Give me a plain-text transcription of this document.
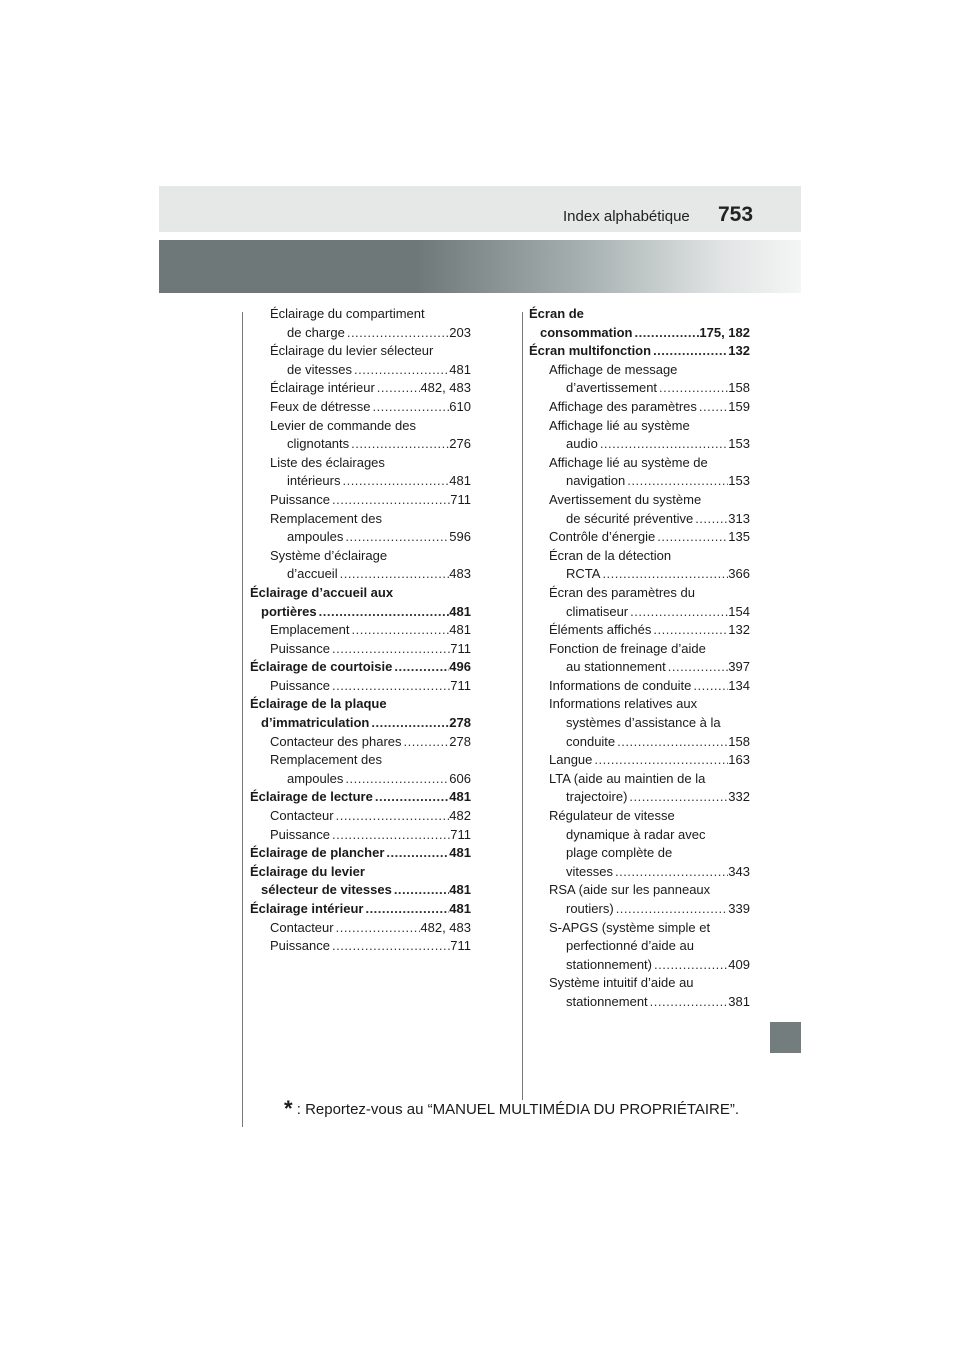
Index alphabétique 753
Éclairage du compartiment
de charge .....	203
Éclairage du levier sélecteur
de vitesses .....	481
Éclairage intérieur .....	482, 483
Feux de détresse .....	610
Levier de commande des
clignotants .....	276
Liste des éclairages
intérieurs .....	481
Puissance .....	711
Remplacement des
ampoules .....	596
Système d’éclairage
d’accueil .....	483
Éclairage d’accueil aux
portières .....	481
Emplacement .....	481
Puissance .....	711
Éclairage de courtoisie .....	496
Puissance .....	711
Éclairage de la plaque
d’immatriculation .....	278
Contacteur des phares .....	278
Remplacement des
ampoules .....	606
Éclairage de lecture .....	481
Contacteur .....	482
Puissance .....	711
Éclairage de plancher .....	481
Éclairage du levier
sélecteur de vitesses .....	481
Éclairage intérieur .....	481
Contacteur .....	482, 483
Puissance .....	711
Écran de
consommation .....	175, 182
Écran multifonction .....	132
Affichage de message
d’avertissement .....	158
Affichage des paramètres ..... 159
Affichage lié au système
audio .....	153
Affichage lié au système de
navigation .....	153
Avertissement du système
de sécurité préventive .....	313
Contrôle d’énergie .....	135
Écran de la détection
RCTA .....	366
Écran des paramètres du
climatiseur .....	154
Éléments affichés .....	132
Fonction de freinage d’aide
au stationnement .....	397
Informations de conduite .....	134
Informations relatives aux
systèmes d’assistance à la
conduite .....	158
Langue .....	163
LTA (aide au maintien de la
trajectoire) .....	332
Régulateur de vitesse
dynamique à radar avec
plage complète de
vitesses .....	343
RSA (aide sur les panneaux
routiers) .....	339
S-APGS (système simple et
perfectionné d’aide au
stationnement) .....	409
Système intuitif d’aide au
stationnement .....	381
* : Reportez-vous au “MANUEL MULTIMÉDIA DU PROPRIÉTAIRE”.
